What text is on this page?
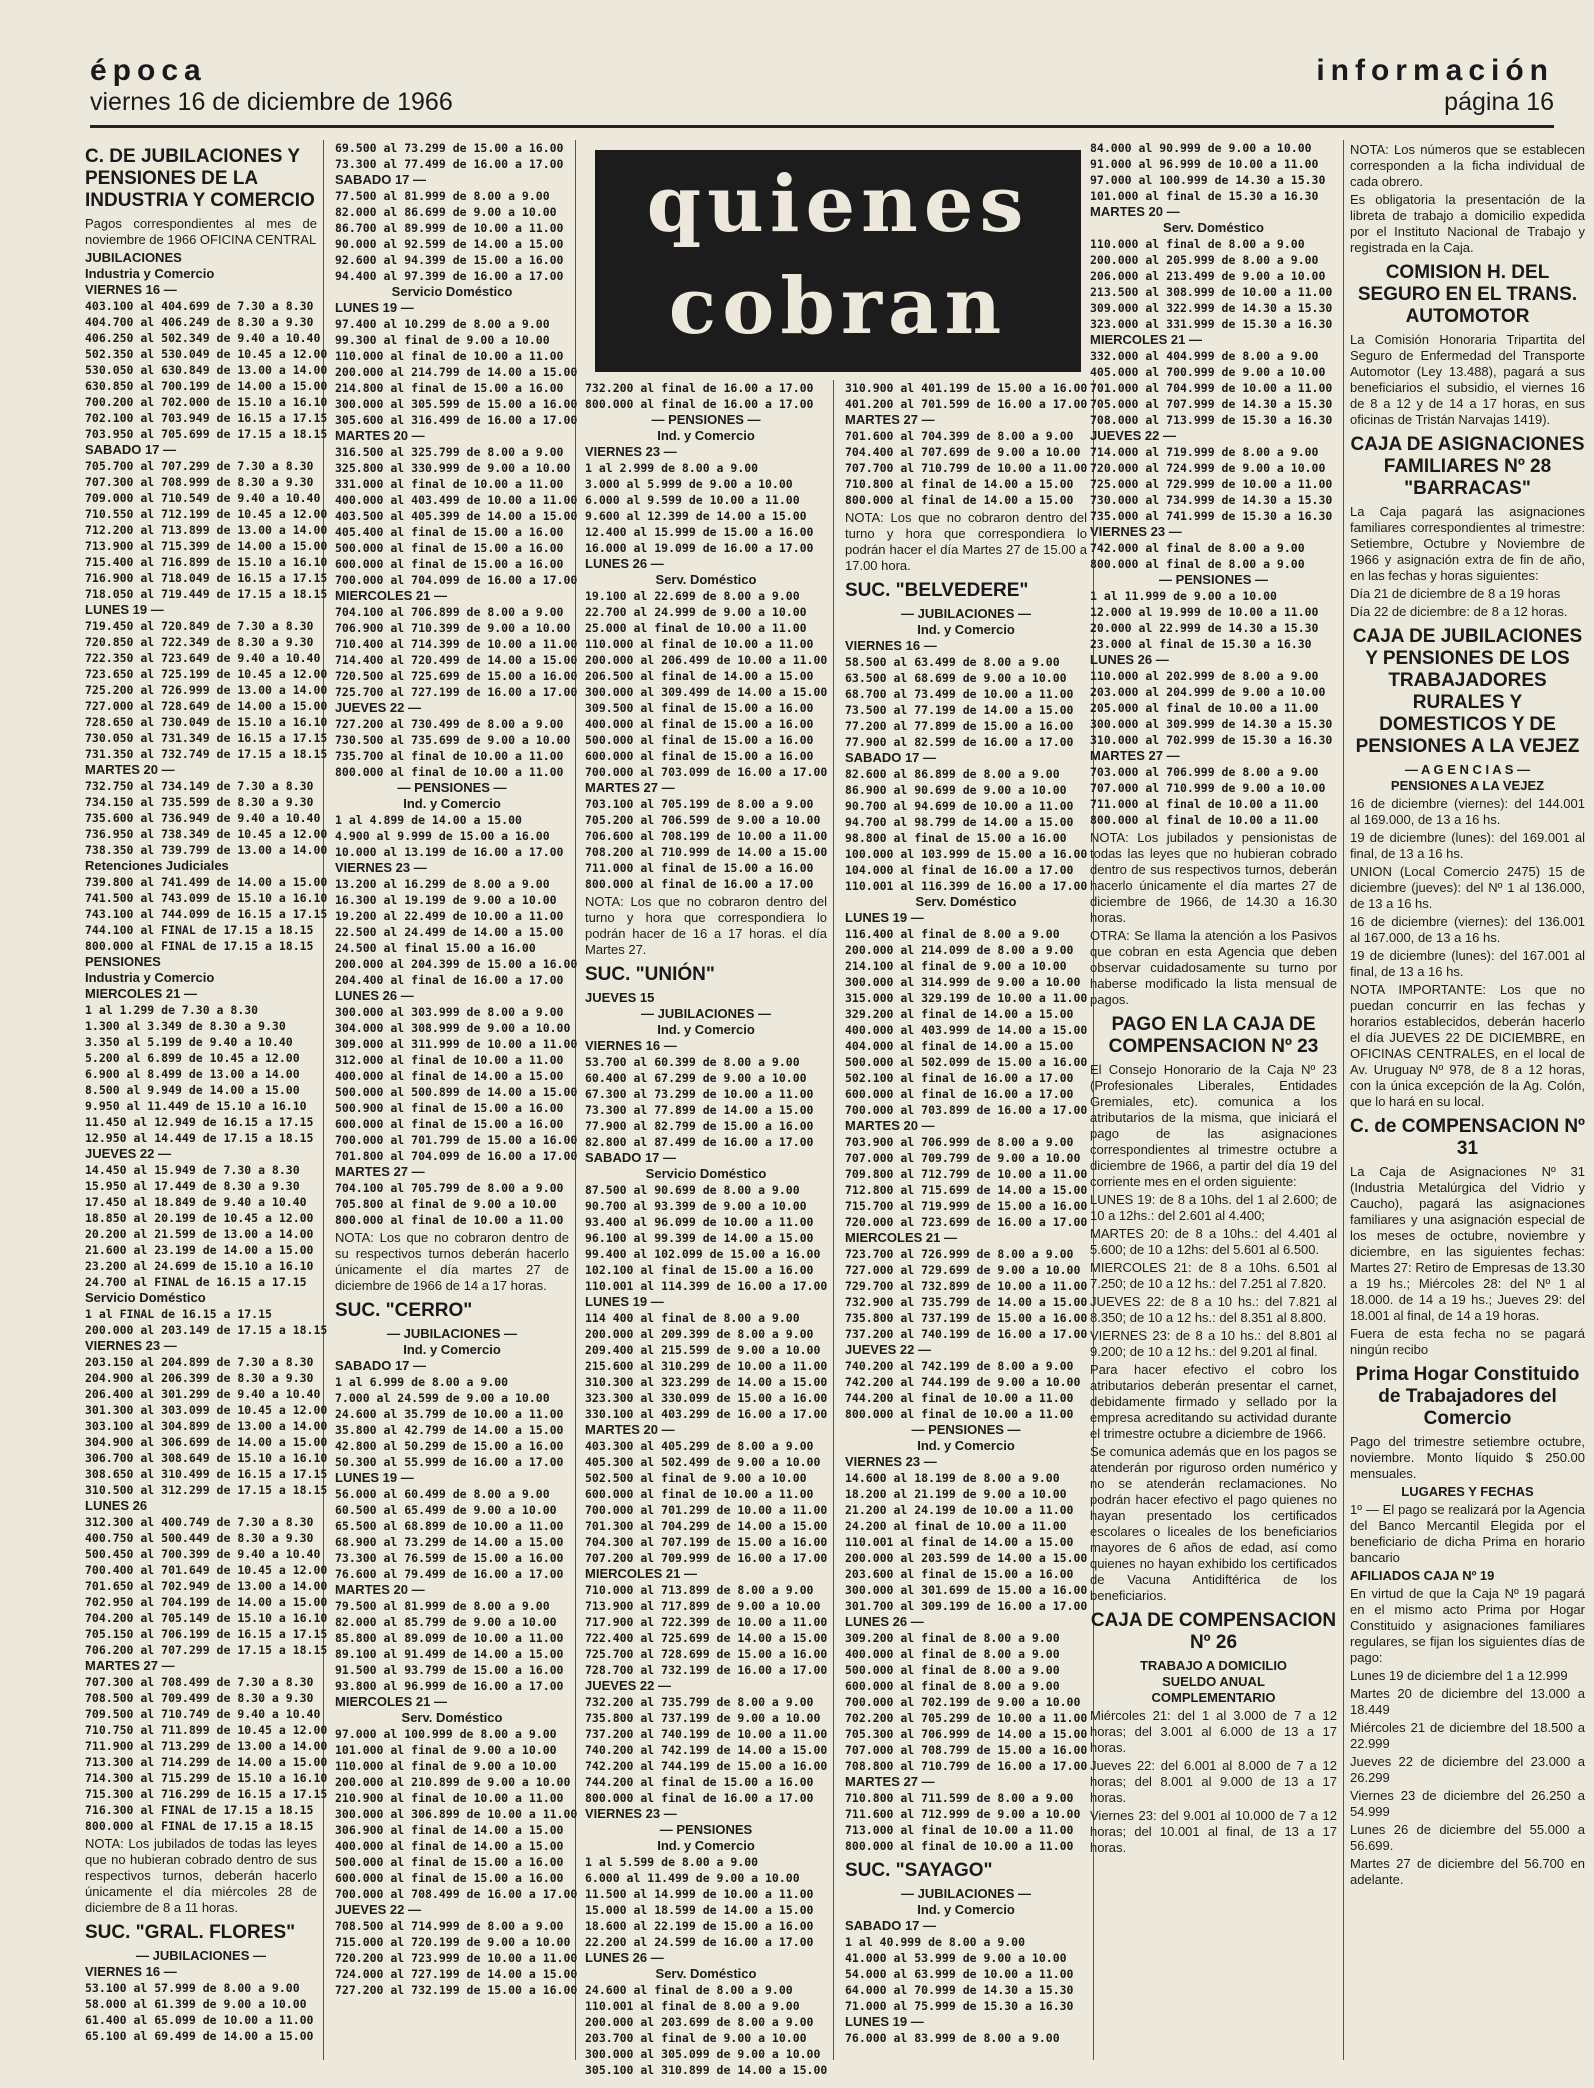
época
viernes 16 de diciembre de 1966
información
página 16
quienes
cobran
C. DE JUBILACIONES Y PENSIONES DE LA INDUSTRIA Y COMERCIO
Pagos correspondientes al mes de noviembre de 1966 OFICINA CENTRAL
JUBILACIONES
Industria y Comercio
VIERNES 16 —
403.100 al 404.699 de 7.30 a 8.30
404.700 al 406.249 de 8.30 a 9.30
406.250 al 502.349 de 9.40 a 10.40
502.350 al 530.049 de 10.45 a 12.00
530.050 al 630.849 de 13.00 a 14.00
630.850 al 700.199 de 14.00 a 15.00
700.200 al 702.000 de 15.10 a 16.10
702.100 al 703.949 de 16.15 a 17.15
703.950 al 705.699 de 17.15 a 18.15
SABADO 17 —
705.700 al 707.299 de 7.30 a 8.30
707.300 al 708.999 de 8.30 a 9.30
709.000 al 710.549 de 9.40 a 10.40
710.550 al 712.199 de 10.45 a 12.00
712.200 al 713.899 de 13.00 a 14.00
713.900 al 715.399 de 14.00 a 15.00
715.400 al 716.899 de 15.10 a 16.10
716.900 al 718.049 de 16.15 a 17.15
718.050 al 719.449 de 17.15 a 18.15
LUNES 19 —
719.450 al 720.849 de 7.30 a 8.30
720.850 al 722.349 de 8.30 a 9.30
722.350 al 723.649 de 9.40 a 10.40
723.650 al 725.199 de 10.45 a 12.00
725.200 al 726.999 de 13.00 a 14.00
727.000 al 728.649 de 14.00 a 15.00
728.650 al 730.049 de 15.10 a 16.10
730.050 al 731.349 de 16.15 a 17.15
731.350 al 732.749 de 17.15 a 18.15
MARTES 20 —
732.750 al 734.149 de 7.30 a 8.30
734.150 al 735.599 de 8.30 a 9.30
735.600 al 736.949 de 9.40 a 10.40
736.950 al 738.349 de 10.45 a 12.00
738.350 al 739.799 de 13.00 a 14.00
Retenciones Judiciales
739.800 al 741.499 de 14.00 a 15.00
741.500 al 743.099 de 15.10 a 16.10
743.100 al 744.099 de 16.15 a 17.15
744.100 al FINAL de 17.15 a 18.15
800.000 al FINAL de 17.15 a 18.15
PENSIONES
Industria y Comercio
MIERCOLES 21 —
1 al 1.299 de 7.30 a 8.30
1.300 al 3.349 de 8.30 a 9.30
3.350 al 5.199 de 9.40 a 10.40
5.200 al 6.899 de 10.45 a 12.00
6.900 al 8.499 de 13.00 a 14.00
8.500 al 9.949 de 14.00 a 15.00
9.950 al 11.449 de 15.10 a 16.10
11.450 al 12.949 de 16.15 a 17.15
12.950 al 14.449 de 17.15 a 18.15
JUEVES 22 —
14.450 al 15.949 de 7.30 a 8.30
15.950 al 17.449 de 8.30 a 9.30
17.450 al 18.849 de 9.40 a 10.40
18.850 al 20.199 de 10.45 a 12.00
20.200 al 21.599 de 13.00 a 14.00
21.600 al 23.199 de 14.00 a 15.00
23.200 al 24.699 de 15.10 a 16.10
24.700 al FINAL de 16.15 a 17.15
Servicio Doméstico
1 al FINAL de 16.15 a 17.15
200.000 al 203.149 de 17.15 a 18.15
VIERNES 23 —
203.150 al 204.899 de 7.30 a 8.30
204.900 al 206.399 de 8.30 a 9.30
206.400 al 301.299 de 9.40 a 10.40
301.300 al 303.099 de 10.45 a 12.00
303.100 al 304.899 de 13.00 a 14.00
304.900 al 306.699 de 14.00 a 15.00
306.700 al 308.649 de 15.10 a 16.10
308.650 al 310.499 de 16.15 a 17.15
310.500 al 312.299 de 17.15 a 18.15
LUNES 26
312.300 al 400.749 de 7.30 a 8.30
400.750 al 500.449 de 8.30 a 9.30
500.450 al 700.399 de 9.40 a 10.40
700.400 al 701.649 de 10.45 a 12.00
701.650 al 702.949 de 13.00 a 14.00
702.950 al 704.199 de 14.00 a 15.00
704.200 al 705.149 de 15.10 a 16.10
705.150 al 706.199 de 16.15 a 17.15
706.200 al 707.299 de 17.15 a 18.15
MARTES 27 —
707.300 al 708.499 de 7.30 a 8.30
708.500 al 709.499 de 8.30 a 9.30
709.500 al 710.749 de 9.40 a 10.40
710.750 al 711.899 de 10.45 a 12.00
711.900 al 713.299 de 13.00 a 14.00
713.300 al 714.299 de 14.00 a 15.00
714.300 al 715.299 de 15.10 a 16.10
715.300 al 716.299 de 16.15 a 17.15
716.300 al FINAL de 17.15 a 18.15
800.000 al FINAL de 17.15 a 18.15
NOTA: Los jubilados de todas las leyes que no hubieran cobrado dentro de sus respectivos turnos, deberán hacerlo únicamente el día miércoles 28 de diciembre de 8 a 11 horas.
SUC. "GRAL. FLORES"
— JUBILACIONES —
VIERNES 16 —
53.100 al 57.999 de 8.00 a 9.00
58.000 al 61.399 de 9.00 a 10.00
61.400 al 65.099 de 10.00 a 11.00
65.100 al 69.499 de 14.00 a 15.00
69.500 al 73.299 de 15.00 a 16.00
73.300 al 77.499 de 16.00 a 17.00
SABADO 17 —
77.500 al 81.999 de 8.00 a 9.00
82.000 al 86.699 de 9.00 a 10.00
86.700 al 89.999 de 10.00 a 11.00
90.000 al 92.599 de 14.00 a 15.00
92.600 al 94.399 de 15.00 a 16.00
94.400 al 97.399 de 16.00 a 17.00
Servicio Doméstico
LUNES 19 —
97.400 al 10.299 de 8.00 a 9.00
99.300 al final de 9.00 a 10.00
110.000 al final de 10.00 a 11.00
200.000 al 214.799 de 14.00 a 15.00
214.800 al final de 15.00 a 16.00
300.000 al 305.599 de 15.00 a 16.00
305.600 al 316.499 de 16.00 a 17.00
MARTES 20 —
316.500 al 325.799 de 8.00 a 9.00
325.800 al 330.999 de 9.00 a 10.00
331.000 al final de 10.00 a 11.00
400.000 al 403.499 de 10.00 a 11.00
403.500 al 405.399 de 14.00 a 15.00
405.400 al final de 15.00 a 16.00
500.000 al final de 15.00 a 16.00
600.000 al final de 15.00 a 16.00
700.000 al 704.099 de 16.00 a 17.00
MIERCOLES 21 —
704.100 al 706.899 de 8.00 a 9.00
706.900 al 710.399 de 9.00 a 10.00
710.400 al 714.399 de 10.00 a 11.00
714.400 al 720.499 de 14.00 a 15.00
720.500 al 725.699 de 15.00 a 16.00
725.700 al 727.199 de 16.00 a 17.00
JUEVES 22 —
727.200 al 730.499 de 8.00 a 9.00
730.500 al 735.699 de 9.00 a 10.00
735.700 al final de 10.00 a 11.00
800.000 al final de 10.00 a 11.00
— PENSIONES —
Ind. y Comercio
1 al 4.899 de 14.00 a 15.00
4.900 al 9.999 de 15.00 a 16.00
10.000 al 13.199 de 16.00 a 17.00
VIERNES 23 —
13.200 al 16.299 de 8.00 a 9.00
16.300 al 19.199 de 9.00 a 10.00
19.200 al 22.499 de 10.00 a 11.00
22.500 al 24.499 de 14.00 a 15.00
24.500 al final 15.00 a 16.00
200.000 al 204.399 de 15.00 a 16.00
204.400 al final de 16.00 a 17.00
LUNES 26 —
300.000 al 303.999 de 8.00 a 9.00
304.000 al 308.999 de 9.00 a 10.00
309.000 al 311.999 de 10.00 a 11.00
312.000 al final de 10.00 a 11.00
400.000 al final de 14.00 a 15.00
500.000 al 500.899 de 14.00 a 15.00
500.900 al final de 15.00 a 16.00
600.000 al final de 15.00 a 16.00
700.000 al 701.799 de 15.00 a 16.00
701.800 al 704.099 de 16.00 a 17.00
MARTES 27 —
704.100 al 705.799 de 8.00 a 9.00
705.800 al final de 9.00 a 10.00
800.000 al final de 10.00 a 11.00
NOTA: Los que no cobraron dentro de su respectivos turnos deberán hacerlo únicamente el día martes 27 de diciembre de 1966 de 14 a 17 horas.
SUC. "CERRO"
— JUBILACIONES —
Ind. y Comercio
SABADO 17 —
1 al 6.999 de 8.00 a 9.00
7.000 al 24.599 de 9.00 a 10.00
24.600 al 35.799 de 10.00 a 11.00
35.800 al 42.799 de 14.00 a 15.00
42.800 al 50.299 de 15.00 a 16.00
50.300 al 55.999 de 16.00 a 17.00
LUNES 19 —
56.000 al 60.499 de 8.00 a 9.00
60.500 al 65.499 de 9.00 a 10.00
65.500 al 68.899 de 10.00 a 11.00
68.900 al 73.299 de 14.00 a 15.00
73.300 al 76.599 de 15.00 a 16.00
76.600 al 79.499 de 16.00 a 17.00
MARTES 20 —
79.500 al 81.999 de 8.00 a 9.00
82.000 al 85.799 de 9.00 a 10.00
85.800 al 89.099 de 10.00 a 11.00
89.100 al 91.499 de 14.00 a 15.00
91.500 al 93.799 de 15.00 a 16.00
93.800 al 96.999 de 16.00 a 17.00
MIERCOLES 21 —
Serv. Doméstico
97.000 al 100.999 de 8.00 a 9.00
101.000 al final de 9.00 a 10.00
110.000 al final de 9.00 a 10.00
200.000 al 210.899 de 9.00 a 10.00
210.900 al final de 10.00 a 11.00
300.000 al 306.899 de 10.00 a 11.00
306.900 al final de 14.00 a 15.00
400.000 al final de 14.00 a 15.00
500.000 al final de 15.00 a 16.00
600.000 al final de 15.00 a 16.00
700.000 al 708.499 de 16.00 a 17.00
JUEVES 22 —
708.500 al 714.999 de 8.00 a 9.00
715.000 al 720.199 de 9.00 a 10.00
720.200 al 723.999 de 10.00 a 11.00
724.000 al 727.199 de 14.00 a 15.00
727.200 al 732.199 de 15.00 a 16.00
732.200 al final de 16.00 a 17.00
800.000 al final de 16.00 a 17.00
— PENSIONES —
Ind. y Comercio
VIERNES 23 —
1 al 2.999 de 8.00 a 9.00
3.000 al 5.999 de 9.00 a 10.00
6.000 al 9.599 de 10.00 a 11.00
9.600 al 12.399 de 14.00 a 15.00
12.400 al 15.999 de 15.00 a 16.00
16.000 al 19.099 de 16.00 a 17.00
LUNES 26 —
Serv. Doméstico
19.100 al 22.699 de 8.00 a 9.00
22.700 al 24.999 de 9.00 a 10.00
25.000 al final de 10.00 a 11.00
110.000 al final de 10.00 a 11.00
200.000 al 206.499 de 10.00 a 11.00
206.500 al final de 14.00 a 15.00
300.000 al 309.499 de 14.00 a 15.00
309.500 al final de 15.00 a 16.00
400.000 al final de 15.00 a 16.00
500.000 al final de 15.00 a 16.00
600.000 al final de 15.00 a 16.00
700.000 al 703.099 de 16.00 a 17.00
MARTES 27 —
703.100 al 705.199 de 8.00 a 9.00
705.200 al 706.599 de 9.00 a 10.00
706.600 al 708.199 de 10.00 a 11.00
708.200 al 710.999 de 14.00 a 15.00
711.000 al final de 15.00 a 16.00
800.000 al final de 16.00 a 17.00
NOTA: Los que no cobraron dentro del turno y hora que correspondiera lo podrán hacer de 16 a 17 horas. el día Martes 27.
SUC. "UNIÓN"
JUEVES 15
— JUBILACIONES —
Ind. y Comercio
VIERNES 16 —
53.700 al 60.399 de 8.00 a 9.00
60.400 al 67.299 de 9.00 a 10.00
67.300 al 73.299 de 10.00 a 11.00
73.300 al 77.899 de 14.00 a 15.00
77.900 al 82.799 de 15.00 a 16.00
82.800 al 87.499 de 16.00 a 17.00
SABADO 17 —
Servicio Doméstico
87.500 al 90.699 de 8.00 a 9.00
90.700 al 93.399 de 9.00 a 10.00
93.400 al 96.099 de 10.00 a 11.00
96.100 al 99.399 de 14.00 a 15.00
99.400 al 102.099 de 15.00 a 16.00
102.100 al final de 15.00 a 16.00
110.001 al 114.399 de 16.00 a 17.00
LUNES 19 —
114 400 al final de 8.00 a 9.00
200.000 al 209.399 de 8.00 a 9.00
209.400 al 215.599 de 9.00 a 10.00
215.600 al 310.299 de 10.00 a 11.00
310.300 al 323.299 de 14.00 a 15.00
323.300 al 330.099 de 15.00 a 16.00
330.100 al 403.299 de 16.00 a 17.00
MARTES 20 —
403.300 al 405.299 de 8.00 a 9.00
405.300 al 502.499 de 9.00 a 10.00
502.500 al final de 9.00 a 10.00
600.000 al final de 10.00 a 11.00
700.000 al 701.299 de 10.00 a 11.00
701.300 al 704.299 de 14.00 a 15.00
704.300 al 707.199 de 15.00 a 16.00
707.200 al 709.999 de 16.00 a 17.00
MIERCOLES 21 —
710.000 al 713.899 de 8.00 a 9.00
713.900 al 717.899 de 9.00 a 10.00
717.900 al 722.399 de 10.00 a 11.00
722.400 al 725.699 de 14.00 a 15.00
725.700 al 728.699 de 15.00 a 16.00
728.700 al 732.199 de 16.00 a 17.00
JUEVES 22 —
732.200 al 735.799 de 8.00 a 9.00
735.800 al 737.199 de 9.00 a 10.00
737.200 al 740.199 de 10.00 a 11.00
740.200 al 742.199 de 14.00 a 15.00
742.200 al 744.199 de 15.00 a 16.00
744.200 al final de 15.00 a 16.00
800.000 al final de 16.00 a 17.00
VIERNES 23 —
— PENSIONES
Ind. y Comercio
1 al 5.599 de 8.00 a 9.00
6.000 al 11.499 de 9.00 a 10.00
11.500 al 14.999 de 10.00 a 11.00
15.000 al 18.599 de 14.00 a 15.00
18.600 al 22.199 de 15.00 a 16.00
22.200 al 24.599 de 16.00 a 17.00
LUNES 26 —
Serv. Doméstico
24.600 al final de 8.00 a 9.00
110.001 al final de 8.00 a 9.00
200.000 al 203.699 de 8.00 a 9.00
203.700 al final de 9.00 a 10.00
300.000 al 305.099 de 9.00 a 10.00
305.100 al 310.899 de 14.00 a 15.00
310.900 al 401.199 de 15.00 a 16.00
401.200 al 701.599 de 16.00 a 17.00
MARTES 27 —
701.600 al 704.399 de 8.00 a 9.00
704.400 al 707.699 de 9.00 a 10.00
707.700 al 710.799 de 10.00 a 11.00
710.800 al final de 14.00 a 15.00
800.000 al final de 14.00 a 15.00
NOTA: Los que no cobraron dentro del turno y hora que correspondiera lo podrán hacer el día Martes 27 de 15.00 a 17.00 hora.
SUC. "BELVEDERE"
— JUBILACIONES —
Ind. y Comercio
VIERNES 16 —
58.500 al 63.499 de 8.00 a 9.00
63.500 al 68.699 de 9.00 a 10.00
68.700 al 73.499 de 10.00 a 11.00
73.500 al 77.199 de 14.00 a 15.00
77.200 al 77.899 de 15.00 a 16.00
77.900 al 82.599 de 16.00 a 17.00
SABADO 17 —
82.600 al 86.899 de 8.00 a 9.00
86.900 al 90.699 de 9.00 a 10.00
90.700 al 94.699 de 10.00 a 11.00
94.700 al 98.799 de 14.00 a 15.00
98.800 al final de 15.00 a 16.00
100.000 al 103.999 de 15.00 a 16.00
104.000 al final de 16.00 a 17.00
110.001 al 116.399 de 16.00 a 17.00
Serv. Doméstico
LUNES 19 —
116.400 al final de 8.00 a 9.00
200.000 al 214.099 de 8.00 a 9.00
214.100 al final de 9.00 a 10.00
300.000 al 314.999 de 9.00 a 10.00
315.000 al 329.199 de 10.00 a 11.00
329.200 al final de 14.00 a 15.00
400.000 al 403.999 de 14.00 a 15.00
404.000 al final de 14.00 a 15.00
500.000 al 502.099 de 15.00 a 16.00
502.100 al final de 16.00 a 17.00
600.000 al final de 16.00 a 17.00
700.000 al 703.899 de 16.00 a 17.00
MARTES 20 —
703.900 al 706.999 de 8.00 a 9.00
707.000 al 709.799 de 9.00 a 10.00
709.800 al 712.799 de 10.00 a 11.00
712.800 al 715.699 de 14.00 a 15.00
715.700 al 719.999 de 15.00 a 16.00
720.000 al 723.699 de 16.00 a 17.00
MIERCOLES 21 —
723.700 al 726.999 de 8.00 a 9.00
727.000 al 729.699 de 9.00 a 10.00
729.700 al 732.899 de 10.00 a 11.00
732.900 al 735.799 de 14.00 a 15.00
735.800 al 737.199 de 15.00 a 16.00
737.200 al 740.199 de 16.00 a 17.00
JUEVES 22 —
740.200 al 742.199 de 8.00 a 9.00
742.200 al 744.199 de 9.00 a 10.00
744.200 al final de 10.00 a 11.00
800.000 al final de 10.00 a 11.00
— PENSIONES —
Ind. y Comercio
VIERNES 23 —
14.600 al 18.199 de 8.00 a 9.00
18.200 al 21.199 de 9.00 a 10.00
21.200 al 24.199 de 10.00 a 11.00
24.200 al final de 10.00 a 11.00
110.001 al final de 14.00 a 15.00
200.000 al 203.599 de 14.00 a 15.00
203.600 al final de 15.00 a 16.00
300.000 al 301.699 de 15.00 a 16.00
301.700 al 309.199 de 16.00 a 17.00
LUNES 26 —
309.200 al final de 8.00 a 9.00
400.000 al final de 8.00 a 9.00
500.000 al final de 8.00 a 9.00
600.000 al final de 8.00 a 9.00
700.000 al 702.199 de 9.00 a 10.00
702.200 al 705.299 de 10.00 a 11.00
705.300 al 706.999 de 14.00 a 15.00
707.000 al 708.799 de 15.00 a 16.00
708.800 al 710.799 de 16.00 a 17.00
MARTES 27 —
710.800 al 711.599 de 8.00 a 9.00
711.600 al 712.999 de 9.00 a 10.00
713.000 al final de 10.00 a 11.00
800.000 al final de 10.00 a 11.00
SUC. "SAYAGO"
— JUBILACIONES —
Ind. y Comercio
SABADO 17 —
1 al 40.999 de 8.00 a 9.00
41.000 al 53.999 de 9.00 a 10.00
54.000 al 63.999 de 10.00 a 11.00
64.000 al 70.999 de 14.30 a 15.30
71.000 al 75.999 de 15.30 a 16.30
LUNES 19 —
76.000 al 83.999 de 8.00 a 9.00
84.000 al 90.999 de 9.00 a 10.00
91.000 al 96.999 de 10.00 a 11.00
97.000 al 100.999 de 14.30 a 15.30
101.000 al final de 15.30 a 16.30
MARTES 20 —
Serv. Doméstico
110.000 al final de 8.00 a 9.00
200.000 al 205.999 de 8.00 a 9.00
206.000 al 213.499 de 9.00 a 10.00
213.500 al 308.999 de 10.00 a 11.00
309.000 al 322.999 de 14.30 a 15.30
323.000 al 331.999 de 15.30 a 16.30
MIERCOLES 21 —
332.000 al 404.999 de 8.00 a 9.00
405.000 al 700.999 de 9.00 a 10.00
701.000 al 704.999 de 10.00 a 11.00
705.000 al 707.999 de 14.30 a 15.30
708.000 al 713.999 de 15.30 a 16.30
JUEVES 22 —
714.000 al 719.999 de 8.00 a 9.00
720.000 al 724.999 de 9.00 a 10.00
725.000 al 729.999 de 10.00 a 11.00
730.000 al 734.999 de 14.30 a 15.30
735.000 al 741.999 de 15.30 a 16.30
VIERNES 23 —
742.000 al final de 8.00 a 9.00
800.000 al final de 8.00 a 9.00
— PENSIONES —
1 al 11.999 de 9.00 a 10.00
12.000 al 19.999 de 10.00 a 11.00
20.000 al 22.999 de 14.30 a 15.30
23.000 al final de 15.30 a 16.30
LUNES 26 —
110.000 al 202.999 de 8.00 a 9.00
203.000 al 204.999 de 9.00 a 10.00
205.000 al final de 10.00 a 11.00
300.000 al 309.999 de 14.30 a 15.30
310.000 al 702.999 de 15.30 a 16.30
MARTES 27 —
703.000 al 706.999 de 8.00 a 9.00
707.000 al 710.999 de 9.00 a 10.00
711.000 al final de 10.00 a 11.00
800.000 al final de 10.00 a 11.00
NOTA: Los jubilados y pensionistas de todas las leyes que no hubieran cobrado dentro de sus respectivos turnos, deberán hacerlo únicamente el día martes 27 de diciembre de 1966, de 14.30 a 16.30 horas.
OTRA: Se llama la atención a los Pasivos que cobran en esta Agencia que deben observar cuidadosamente su turno por haberse modificado la lista mensual de pagos.
PAGO EN LA CAJA DE COMPENSACION Nº 23
El Consejo Honorario de la Caja Nº 23 (Profesionales Liberales, Entidades Gremiales, etc). comunica a los atributarios de la misma, que iniciará el pago de las asignaciones correspondientes al trimestre octubre a diciembre de 1966, a partir del día 19 del corriente mes en el orden siguiente:
LUNES 19: de 8 a 10hs. del 1 al 2.600; de 10 a 12hs.: del 2.601 al 4.400;
MARTES 20: de 8 a 10hs.: del 4.401 al 5.600; de 10 a 12hs: del 5.601 al 6.500.
MIERCOLES 21: de 8 a 10hs. 6.501 al 7.250; de 10 a 12 hs.: del 7.251 al 7.820.
JUEVES 22: de 8 a 10 hs.: del 7.821 al 8.350; de 10 a 12 hs.: del 8.351 al 8.800.
VIERNES 23: de 8 a 10 hs.: del 8.801 al 9.200; de 10 a 12 hs.: del 9.201 al final.
Para hacer efectivo el cobro los atributarios deberán presentar el carnet, debidamente firmado y sellado por la empresa acreditando su actividad durante el trimestre octubre a diciembre de 1966.
Se comunica además que en los pagos se atenderán por riguroso orden numérico y no se atenderán reclamaciones. No podrán hacer efectivo el pago quienes no hayan presentado los certificados escolares o liceales de los beneficiarios mayores de 6 años de edad, así como quienes no hayan exhibido los certificados de Vacuna Antidiftérica de los beneficiarios.
CAJA DE COMPENSACION Nº 26
TRABAJO A DOMICILIO
SUELDO ANUAL
COMPLEMENTARIO
Miércoles 21: del 1 al 3.000 de 7 a 12 horas; del 3.001 al 6.000 de 13 a 17 horas.
Jueves 22: del 6.001 al 8.000 de 7 a 12 horas; del 8.001 al 9.000 de 13 a 17 horas.
Viernes 23: del 9.001 al 10.000 de 7 a 12 horas; del 10.001 al final, de 13 a 17 horas.
NOTA: Los números que se establecen corresponden a la ficha individual de cada obrero.
Es obligatoria la presentación de la libreta de trabajo a domicilio expedida por el Instituto Nacional de Trabajo y registrada en la Caja.
COMISION H. DEL SEGURO EN EL TRANS. AUTOMOTOR
La Comisión Honoraria Tripartita del Seguro de Enfermedad del Transporte Automotor (Ley 13.488), pagará a sus beneficiarios el subsidio, el viernes 16 de 8 a 12 y de 14 a 17 horas, en sus oficinas de Tristán Narvajas 1419).
CAJA DE ASIGNACIONES FAMILIARES Nº 28 "BARRACAS"
La Caja pagará las asignaciones familiares correspondientes al trimestre: Setiembre, Octubre y Noviembre de 1966 y asignación extra de fin de año, en las fechas y horas siguientes:
Día 21 de diciembre de 8 a 19 horas
Día 22 de diciembre: de 8 a 12 horas.
CAJA DE JUBILACIONES Y PENSIONES DE LOS TRABAJADORES RURALES Y DOMESTICOS Y DE PENSIONES A LA VEJEZ
— A G E N C I A S —
PENSIONES A LA VEJEZ
16 de diciembre (viernes): del 144.001 al 169.000, de 13 a 16 hs.
19 de diciembre (lunes): del 169.001 al final, de 13 a 16 hs.
UNION (Local Comercio 2475) 15 de diciembre (jueves): del Nº 1 al 136.000, de 13 a 16 hs.
16 de diciembre (viernes): del 136.001 al 167.000, de 13 a 16 hs.
19 de diciembre (lunes): del 167.001 al final, de 13 a 16 hs.
NOTA IMPORTANTE: Los que no puedan concurrir en las fechas y horarios establecidos, deberán hacerlo el día JUEVES 22 DE DICIEMBRE, en OFICINAS CENTRALES, en el local de Av. Uruguay Nº 978, de 8 a 12 horas, con la única excepción de la Ag. Colón, que lo hará en su local.
C. de COMPENSACION Nº 31
La Caja de Asignaciones Nº 31 (Industria Metalúrgica del Vidrio y Caucho), pagará las asignaciones familiares y una asignación especial de los meses de octubre, noviembre y diciembre, en las siguientes fechas: Martes 27: Retiro de Empresas de 13.30 a 19 hs.; Miércoles 28: del Nº 1 al 18.000. de 14 a 19 hs.; Jueves 29: del 18.001 al final, de 14 a 19 horas.
Fuera de esta fecha no se pagará ningún recibo
Prima Hogar Constituido de Trabajadores del Comercio
Pago del trimestre setiembre octubre, noviembre. Monto líquido $ 250.00 mensuales.
LUGARES Y FECHAS
1º — El pago se realizará por la Agencia del Banco Mercantil Elegida por el beneficiario de dicha Prima en horario bancario
AFILIADOS CAJA Nº 19
En virtud de que la Caja Nº 19 pagará en el mismo acto Prima por Hogar Constituido y asignaciones familiares regulares, se fijan los siguientes días de pago:
Lunes 19 de diciembre del 1 a 12.999
Martes 20 de diciembre del 13.000 a 18.449
Miércoles 21 de diciembre del 18.500 a 22.999
Jueves 22 de diciembre del 23.000 a 26.299
Viernes 23 de diciembre del 26.250 a 54.999
Lunes 26 de diciembre del 55.000 a 56.699.
Martes 27 de diciembre del 56.700 en adelante.
